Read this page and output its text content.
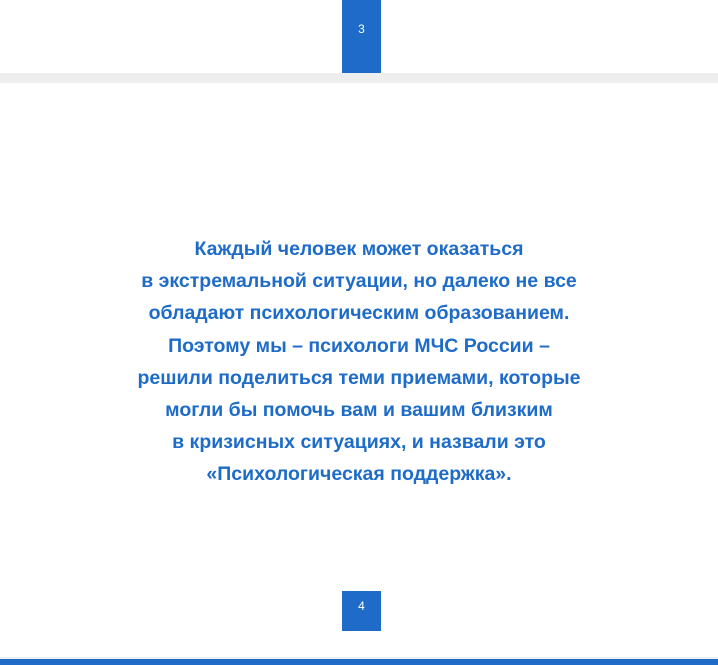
3

Каждый человек может оказаться
в экстремальной ситуации, но далеко не все
обладают психологическим образованием.
Поэтому мы – психологи МЧС России –
решили поделиться теми приемами, которые
могли бы помочь вам и вашим близким
в кризисных ситуациях, и назвали это
«Психологическая поддержка».

4
